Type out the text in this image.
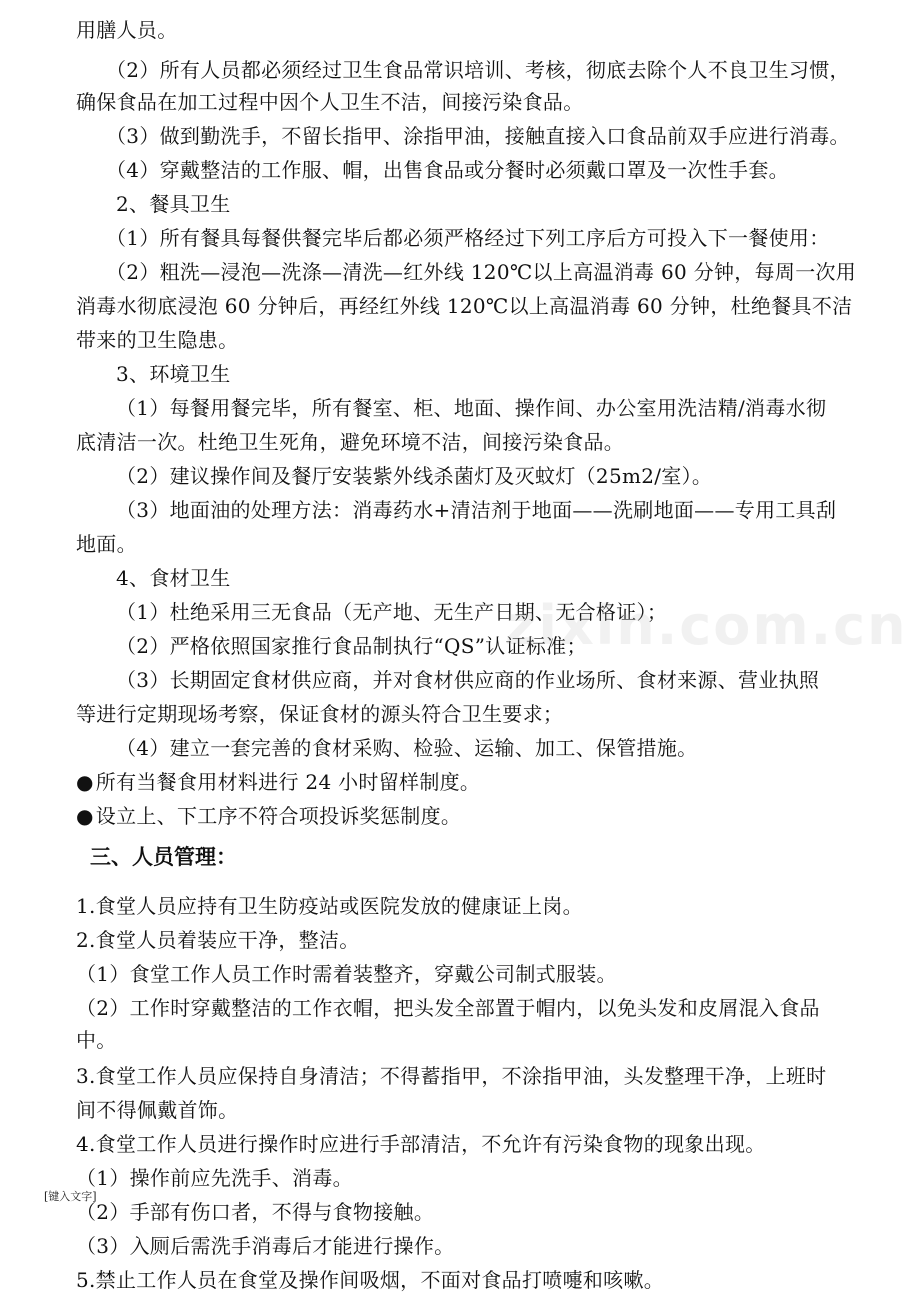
用膳人员。
（2）所有人员都必须经过卫生食品常识培训、考核，彻底去除个人不良卫生习惯，
确保食品在加工过程中因个人卫生不洁，间接污染食品。
（3）做到勤洗手，不留长指甲、涂指甲油，接触直接入口食品前双手应进行消毒。
（4）穿戴整洁的工作服、帽，出售食品或分餐时必须戴口罩及一次性手套。
2、餐具卫生
（1）所有餐具每餐供餐完毕后都必须严格经过下列工序后方可投入下一餐使用：
（2）粗洗—浸泡—洗涤—清洗—红外线 120℃以上高温消毒 60 分钟，每周一次用
消毒水彻底浸泡 60 分钟后，再经红外线 120℃以上高温消毒 60 分钟，杜绝餐具不洁
带来的卫生隐患。
3、环境卫生
（1）每餐用餐完毕，所有餐室、柜、地面、操作间、办公室用洗洁精/消毒水彻
底清洁一次。杜绝卫生死角，避免环境不洁，间接污染食品。
（2）建议操作间及餐厅安装紫外线杀菌灯及灭蚊灯（25m2/室）。
（3）地面油的处理方法：消毒药水+清洁剂于地面——洗刷地面——专用工具刮
地面。
4、食材卫生
（1）杜绝采用三无食品（无产地、无生产日期、无合格证）；
（2）严格依照国家推行食品制执行“QS”认证标准；
（3）长期固定食材供应商，并对食材供应商的作业场所、食材来源、营业执照
等进行定期现场考察，保证食材的源头符合卫生要求；
（4）建立一套完善的食材采购、检验、运输、加工、保管措施。
● 所有当餐食用材料进行 24 小时留样制度。
● 设立上、下工序不符合项投诉奖惩制度。
三、人员管理：
1.食堂人员应持有卫生防疫站或医院发放的健康证上岗。
2.食堂人员着装应干净，整洁。
（1）食堂工作人员工作时需着装整齐，穿戴公司制式服装。
（2）工作时穿戴整洁的工作衣帽，把头发全部置于帽内，以免头发和皮屑混入食品
中。
3.食堂工作人员应保持自身清洁；不得蓄指甲，不涂指甲油，头发整理干净，上班时
间不得佩戴首饰。
4.食堂工作人员进行操作时应进行手部清洁，不允许有污染食物的现象出现。
（1）操作前应先洗手、消毒。
（2）手部有伤口者，不得与食物接触。
（3）入厕后需洗手消毒后才能进行操作。
5.禁止工作人员在食堂及操作间吸烟，不面对食品打喷嚏和咳嗽。
[键入文字]
zixin.com.cn
